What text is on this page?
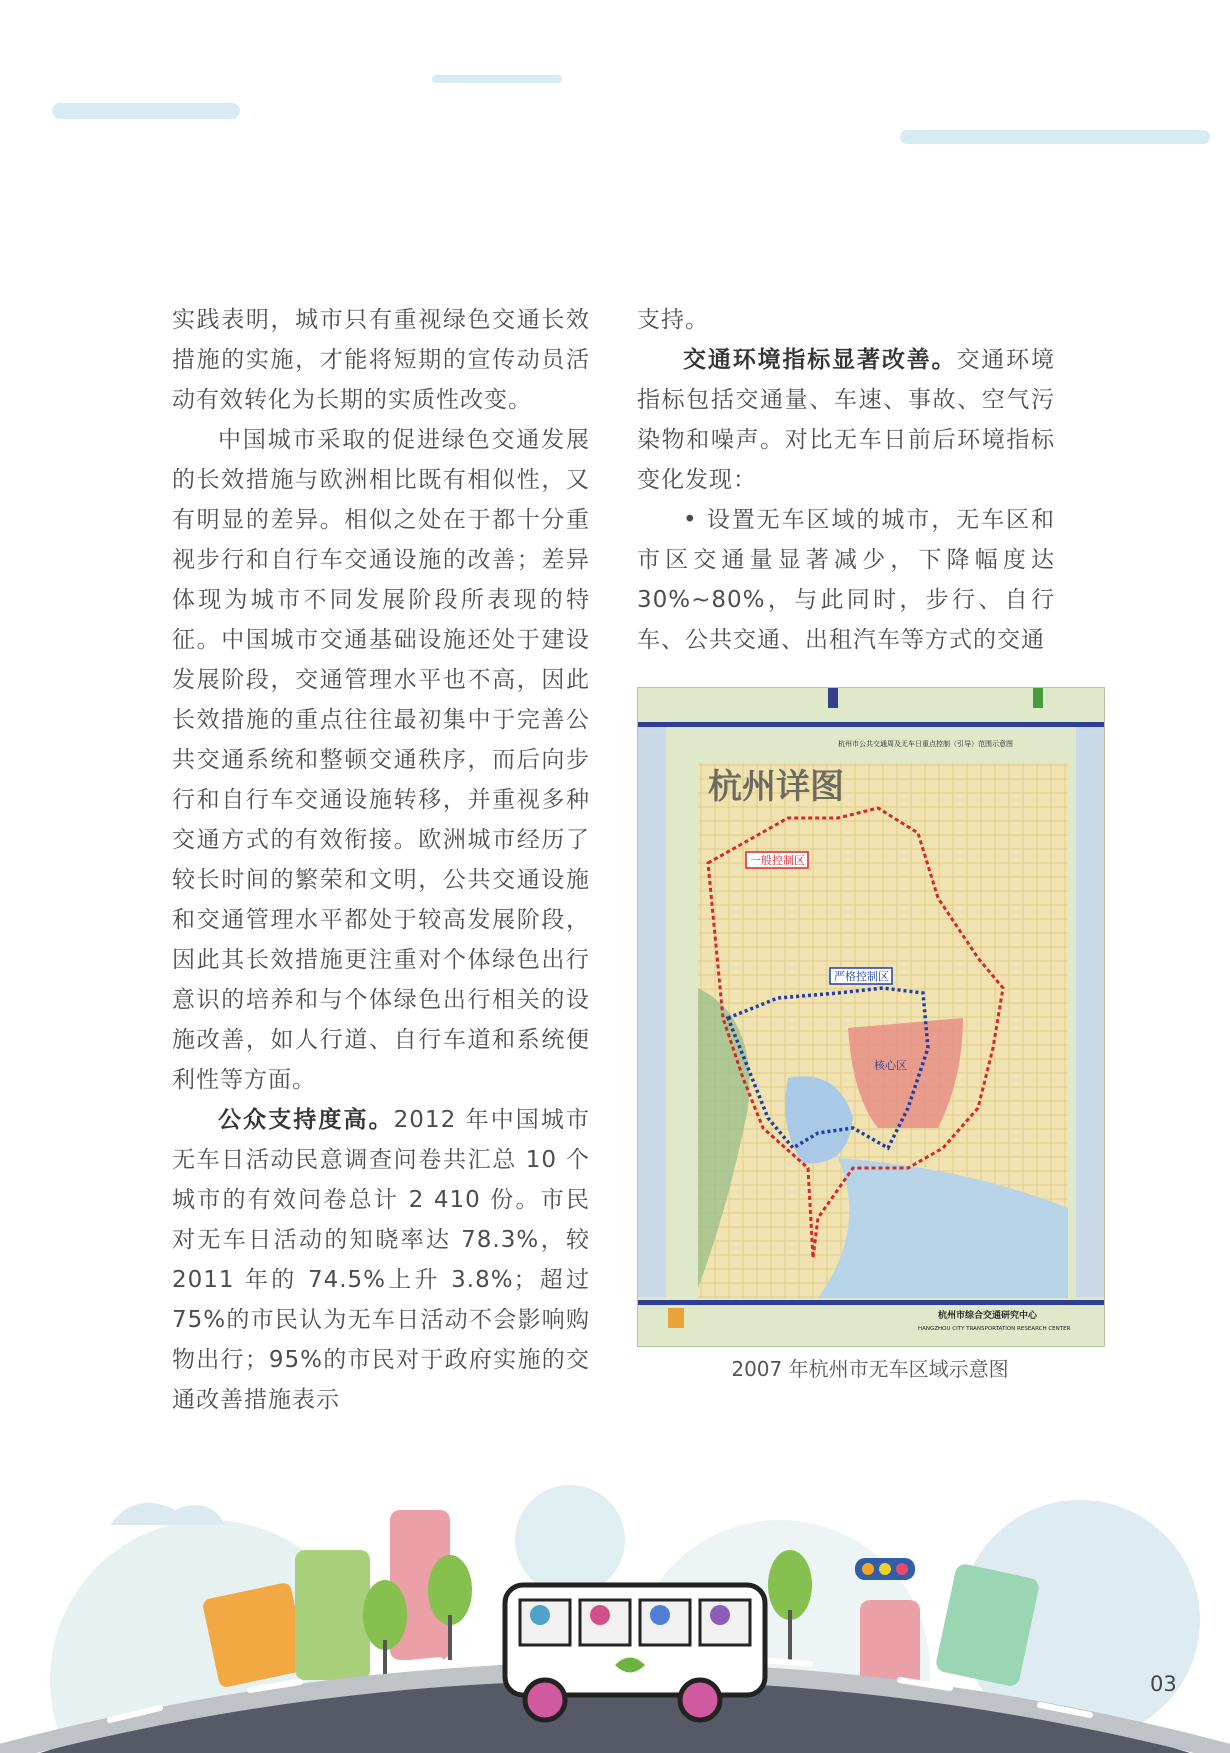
实践表明，城市只有重视绿色交通长效措施的实施，才能将短期的宣传动员活动有效转化为长期的实质性改变。

中国城市采取的促进绿色交通发展的长效措施与欧洲相比既有相似性，又有明显的差异。相似之处在于都十分重视步行和自行车交通设施的改善；差异体现为城市不同发展阶段所表现的特征。中国城市交通基础设施还处于建设发展阶段，交通管理水平也不高，因此长效措施的重点往往最初集中于完善公共交通系统和整顿交通秩序，而后向步行和自行车交通设施转移，并重视多种交通方式的有效衔接。欧洲城市经历了较长时间的繁荣和文明，公共交通设施和交通管理水平都处于较高发展阶段，因此其长效措施更注重对个体绿色出行意识的培养和与个体绿色出行相关的设施改善，如人行道、自行车道和系统便利性等方面。

公众支持度高。2012 年中国城市无车日活动民意调查问卷共汇总 10 个城市的有效问卷总计 2 410 份。市民对无车日活动的知晓率达 78.3%，较 2011 年的 74.5%上升 3.8%；超过 75%的市民认为无车日活动不会影响购物出行；95%的市民对于政府实施的交通改善措施表示

支持。

交通环境指标显著改善。交通环境指标包括交通量、车速、事故、空气污染物和噪声。对比无车日前后环境指标变化发现：

• 设置无车区域的城市，无车区和市区交通量显著减少，下降幅度达 30%~80%，与此同时，步行、自行车、公共交通、出租汽车等方式的交通

杭州详图
一般控制区
严格控制区
核心区
杭州市公共交通周及无车日重点控制（引导）范围示意图
杭州市综合交通研究中心
HANGZHOU CITY TRANSPORTATION RESEARCH CENTER
2007 年杭州市无车区域示意图
03
